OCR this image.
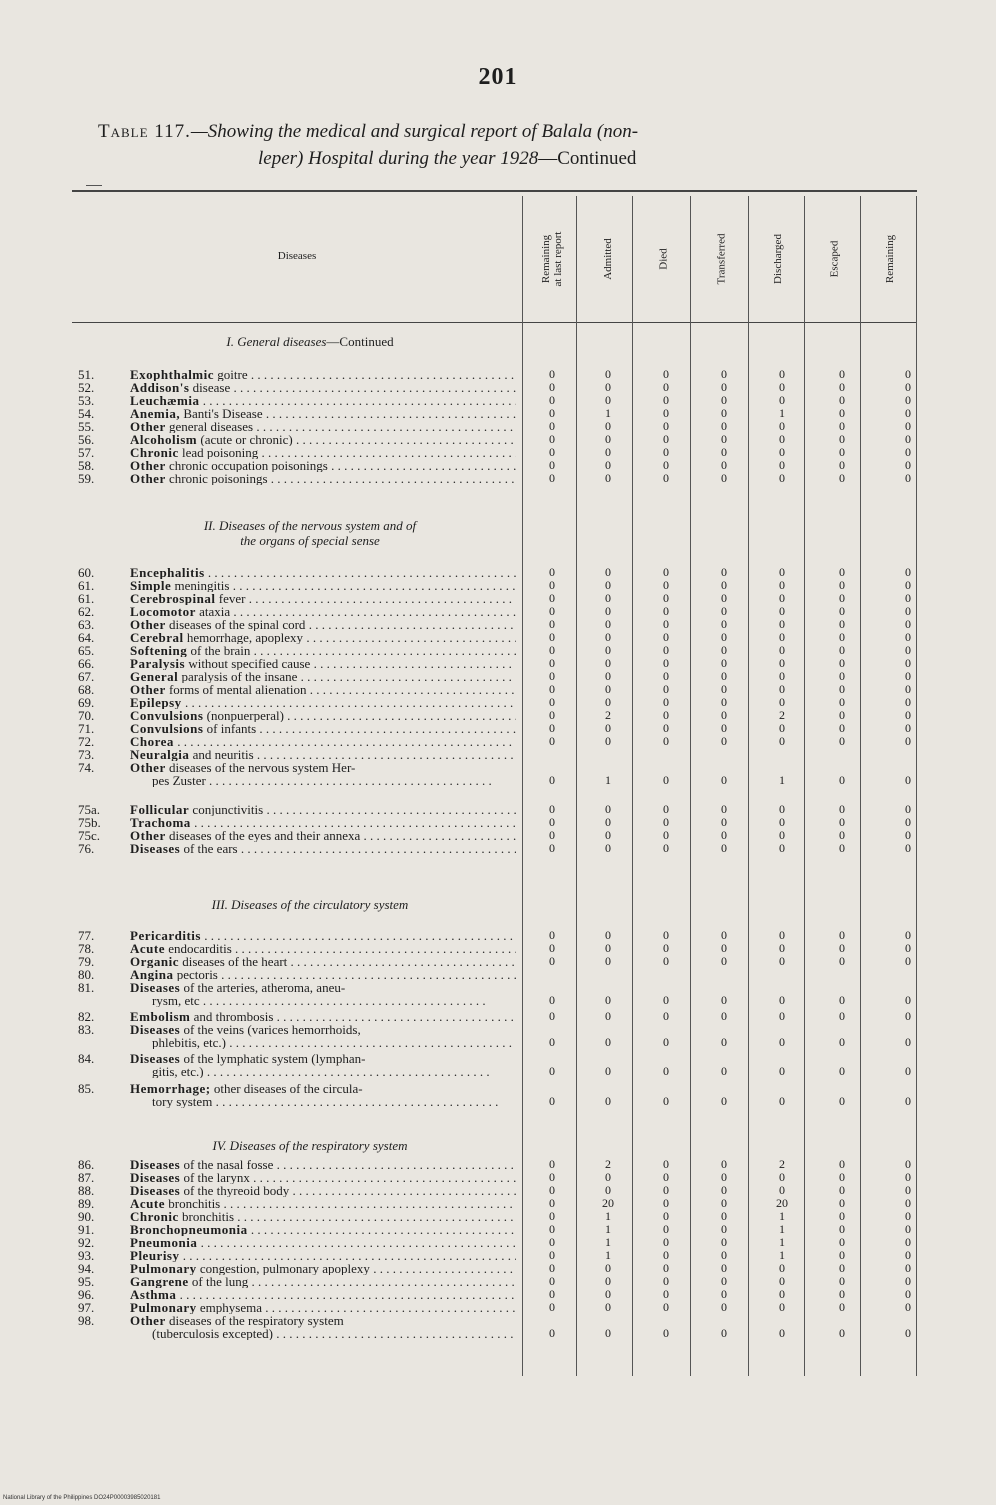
201
Table 117.—Showing the medical and surgical report of Balala (non-
leper) Hospital during the year 1928—Continued
Diseases	Remaining at last report	Admitted	Died	Transferred	Discharged	Escaped	Remaining
I. General diseases—Continued
II. Diseases of the nervous system and of
the organs of special sense
III. Diseases of the circulatory system
IV. Diseases of the respiratory system
51.	Exophthalmic goitre . . .	0	0	0	0	0	0	0
52.	Addison's disease . . .	0	0	0	0	0	0	0
53.	Leuchæmia . . .	0	0	0	0	0	0	0
54.	Anemia, Banti's Disease . . .	0	1	0	0	1	0	0
55.	Other general diseases . . .	0	0	0	0	0	0	0
56.	Alcoholism (acute or chronic) . . .	0	0	0	0	0	0	0
57.	Chronic lead poisoning . . .	0	0	0	0	0	0	0
58.	Other chronic occupation poisonings . . .	0	0	0	0	0	0	0
59.	Other chronic poisonings . . .	0	0	0	0	0	0	0
60.	Encephalitis . . .	0	0	0	0	0	0	0
61.	Simple meningitis . . .	0	0	0	0	0	0	0
61.	Cerebrospinal fever . . .	0	0	0	0	0	0	0
62.	Locomotor ataxia . . .	0	0	0	0	0	0	0
63.	Other diseases of the spinal cord . . .	0	0	0	0	0	0	0
64.	Cerebral hemorrhage, apoplexy . . .	0	0	0	0	0	0	0
65.	Softening of the brain . . .	0	0	0	0	0	0	0
66.	Paralysis without specified cause . . .	0	0	0	0	0	0	0
67.	General paralysis of the insane . . .	0	0	0	0	0	0	0
68.	Other forms of mental alienation . . .	0	0	0	0	0	0	0
69.	Epilepsy . . .	0	0	0	0	0	0	0
70.	Convulsions (nonpuerperal) . . .	0	2	0	0	2	0	0
71.	Convulsions of infants . . .	0	0	0	0	0	0	0
72.	Chorea . . .	0	0	0	0	0	0	0
73.	Neuralgia and neuritis . . .
74.	Other diseases of the nervous system Her-
pes Zuster . . .	0	1	0	0	1	0	0
75a.	Follicular conjunctivitis . . .	0	0	0	0	0	0	0
75b.	Trachoma . . .	0	0	0	0	0	0	0
75c.	Other diseases of the eyes and their annexa . . .	0	0	0	0	0	0	0
76.	Diseases of the ears . . .	0	0	0	0	0	0	0
77.	Pericarditis . . .	0	0	0	0	0	0	0
78.	Acute endocarditis . . .	0	0	0	0	0	0	0
79.	Organic diseases of the heart . . .	0	0	0	0	0	0	0
80.	Angina pectoris . . .
81.	Diseases of the arteries, atheroma, aneu-
rysm, etc . . .	0	0	0	0	0	0	0
82.	Embolism and thrombosis . . .	0	0	0	0	0	0	0
83.	Diseases of the veins (varices hemorrhoids,
phlebitis, etc.) . . .	0	0	0	0	0	0	0
84.	Diseases of the lymphatic system (lymphan-
gitis, etc.) . . .	0	0	0	0	0	0	0
85.	Hemorrhage; other diseases of the circula-
tory system . . .	0	0	0	0	0	0	0
86.	Diseases of the nasal fosse . . .	0	2	0	0	2	0	0
87.	Diseases of the larynx . . .	0	0	0	0	0	0	0
88.	Diseases of the thyreoid body . . .	0	0	0	0	0	0	0
89.	Acute bronchitis . . .	0	20	0	0	20	0	0
90.	Chronic bronchitis . . .	0	1	0	0	1	0	0
91.	Bronchopneumonia . . .	0	1	0	0	1	0	0
92.	Pneumonia . . .	0	1	0	0	1	0	0
93.	Pleurisy . . .	0	1	0	0	1	0	0
94.	Pulmonary congestion, pulmonary apoplexy . . .	0	0	0	0	0	0	0
95.	Gangrene of the lung . . .	0	0	0	0	0	0	0
96.	Asthma . . .	0	0	0	0	0	0	0
97.	Pulmonary emphysema . . .	0	0	0	0	0	0	0
98.	Other diseases of the respiratory system
(tuberculosis excepted) . . .	0	0	0	0	0	0	0
National Library of the Philippines DO24P00003985020181
